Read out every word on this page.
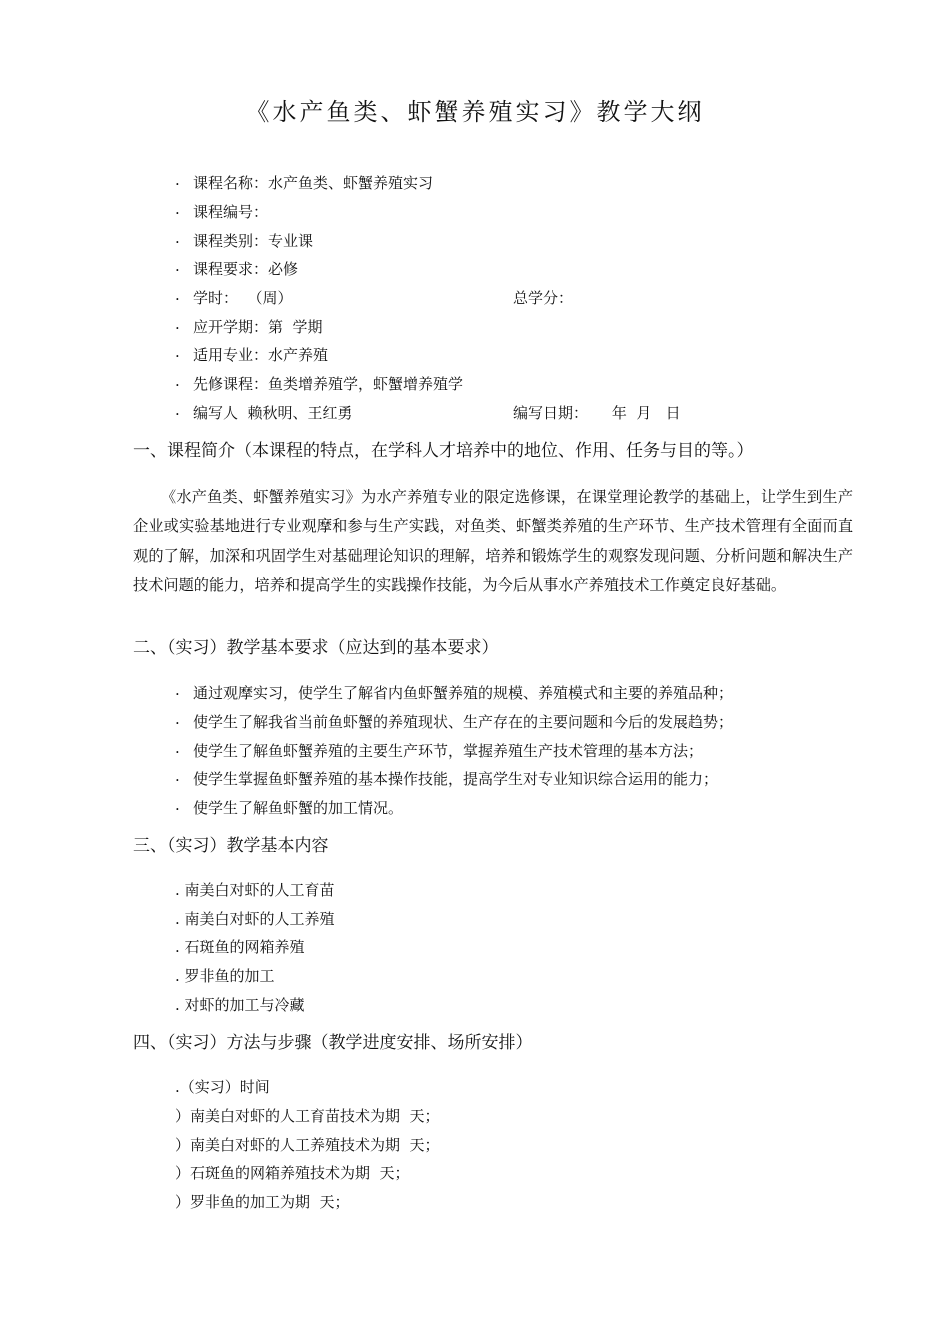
《水产鱼类、虾蟹养殖实习》教学大纲
· 课程名称：水产鱼类、虾蟹养殖实习
· 课程编号：
· 课程类别：专业课
· 课程要求：必修
· 学时：  （周）	总学分：
· 应开学期：第  学期
· 适用专业：水产养殖
· 先修课程：鱼类增养殖学，虾蟹增养殖学
· 编写人  赖秋明、王红勇	编写日期：     年  月   日
一、课程简介（本课程的特点，在学科人才培养中的地位、作用、任务与目的等。）
《水产鱼类、虾蟹养殖实习》为水产养殖专业的限定选修课，在课堂理论教学的基础上，让学生到生产企业或实验基地进行专业观摩和参与生产实践，对鱼类、虾蟹类养殖的生产环节、生产技术管理有全面而直观的了解，加深和巩固学生对基础理论知识的理解，培养和锻炼学生的观察发现问题、分析问题和解决生产技术问题的能力，培养和提高学生的实践操作技能，为今后从事水产养殖技术工作奠定良好基础。
二、（实习）教学基本要求（应达到的基本要求）
· 通过观摩实习，使学生了解省内鱼虾蟹养殖的规模、养殖模式和主要的养殖品种；
· 使学生了解我省当前鱼虾蟹的养殖现状、生产存在的主要问题和今后的发展趋势；
· 使学生了解鱼虾蟹养殖的主要生产环节，掌握养殖生产技术管理的基本方法；
· 使学生掌握鱼虾蟹养殖的基本操作技能，提高学生对专业知识综合运用的能力；
· 使学生了解鱼虾蟹的加工情况。
三、（实习）教学基本内容
. 南美白对虾的人工育苗
. 南美白对虾的人工养殖
. 石斑鱼的网箱养殖
. 罗非鱼的加工
. 对虾的加工与冷藏
四、（实习）方法与步骤（教学进度安排、场所安排）
.（实习）时间
）南美白对虾的人工育苗技术为期  天；
）南美白对虾的人工养殖技术为期  天；
）石斑鱼的网箱养殖技术为期  天；
）罗非鱼的加工为期  天；
